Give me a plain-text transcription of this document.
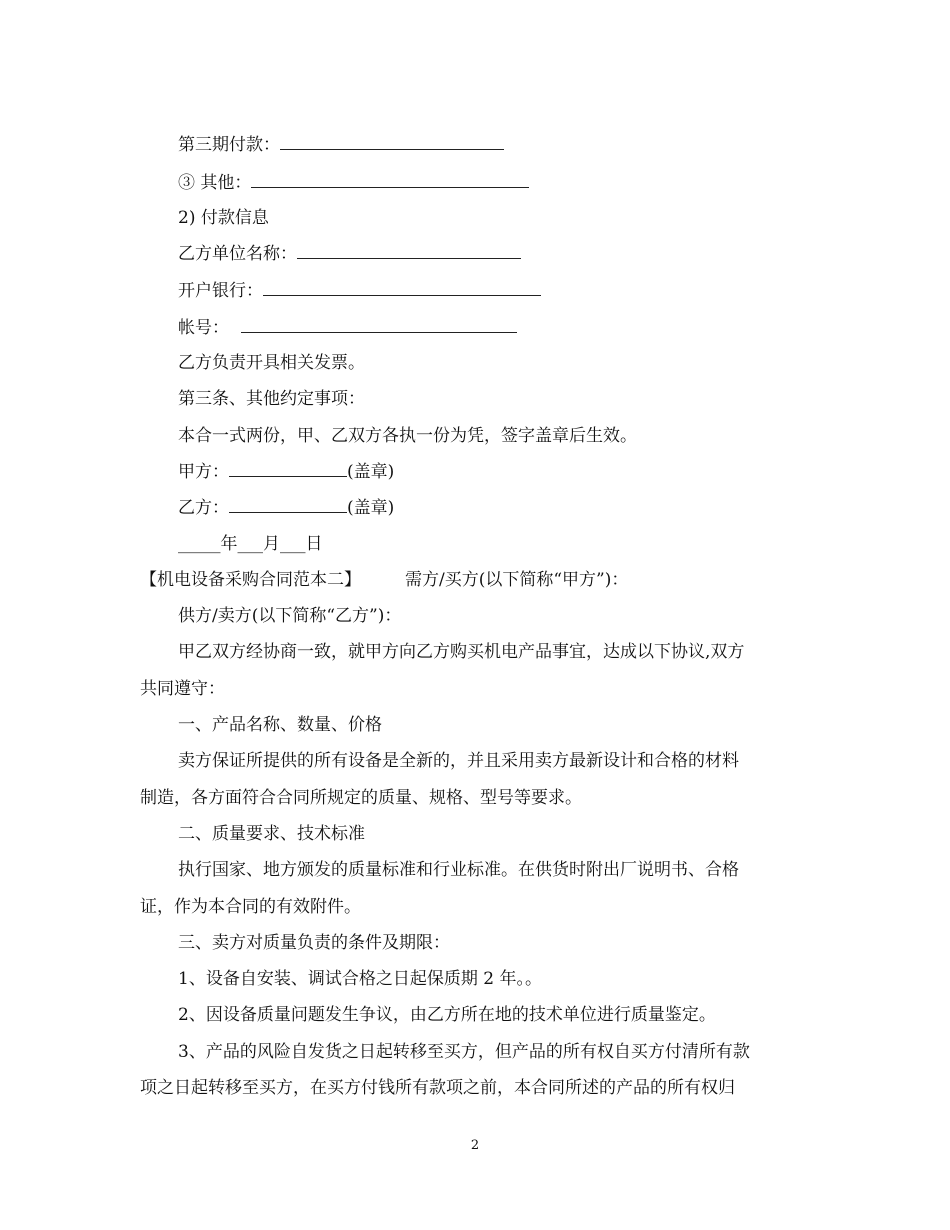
第三期付款：
③ 其他：
2) 付款信息
乙方单位名称：
开户银行：
帐号：
乙方负责开具相关发票。
第三条、其他约定事项：
本合一式两份，甲、乙双方各执一份为凭，签字盖章后生效。
甲方：	(盖章)
乙方：	(盖章)
_____年___月___日
【机电设备采购合同范本二】	需方/买方(以下简称“甲方”)：
供方/卖方(以下简称“乙方”)：
甲乙双方经协商一致，就甲方向乙方购买机电产品事宜，达成以下协议,双方
共同遵守：
一、产品名称、数量、价格
卖方保证所提供的所有设备是全新的，并且采用卖方最新设计和合格的材料
制造，各方面符合合同所规定的质量、规格、型号等要求。
二、质量要求、技术标准
执行国家、地方颁发的质量标准和行业标准。在供货时附出厂说明书、合格
证，作为本合同的有效附件。
三、卖方对质量负责的条件及期限：
1、设备自安装、调试合格之日起保质期 2 年。。
2、因设备质量问题发生争议，由乙方所在地的技术单位进行质量鉴定。
3、产品的风险自发货之日起转移至买方，但产品的所有权自买方付清所有款
项之日起转移至买方，在买方付钱所有款项之前，本合同所述的产品的所有权归
2
